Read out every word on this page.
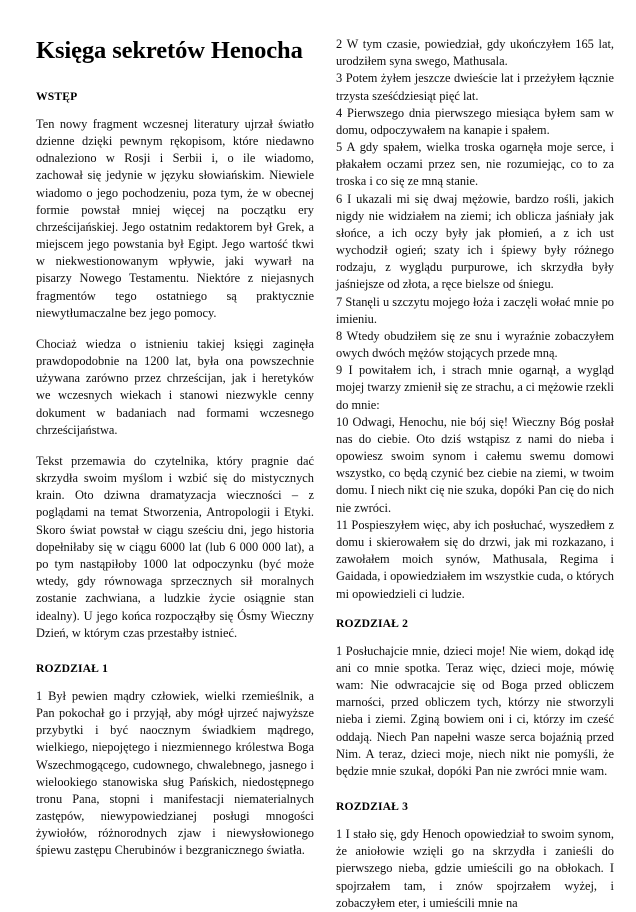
Księga sekretów Henocha
WSTĘP

Ten nowy fragment wczesnej literatury ujrzał światło dzienne dzięki pewnym rękopisom, które niedawno odnaleziono w Rosji i Serbii i, o ile wiadomo, zachował się jedynie w języku słowiańskim. Niewiele wiadomo o jego pochodzeniu, poza tym, że w obecnej formie powstał mniej więcej na początku ery chrześcijańskiej. Jego ostatnim redaktorem był Grek, a miejscem jego powstania był Egipt. Jego wartość tkwi w niekwestionowanym wpływie, jaki wywarł na pisarzy Nowego Testamentu. Niektóre z niejasnych fragmentów tego ostatniego są praktycznie niewytłumaczalne bez jego pomocy.

Chociaż wiedza o istnieniu takiej księgi zaginęła prawdopodobnie na 1200 lat, była ona powszechnie używana zarówno przez chrześcijan, jak i heretyków we wczesnych wiekach i stanowi niezwykle cenny dokument w badaniach nad formami wczesnego chrześcijaństwa.

Tekst przemawia do czytelnika, który pragnie dać skrzydła swoim myślom i wzbić się do mistycznych krain. Oto dziwna dramatyzacja wieczności – z poglądami na temat Stworzenia, Antropologii i Etyki. Skoro świat powstał w ciągu sześciu dni, jego historia dopełniłaby się w ciągu 6000 lat (lub 6 000 000 lat), a po tym nastąpiłoby 1000 lat odpoczynku (być może wtedy, gdy równowaga sprzecznych sił moralnych zostanie zachwiana, a ludzkie życie osiągnie stan idealny). U jego końca rozpocząłby się Ósmy Wieczny Dzień, w którym czas przestałby istnieć.

ROZDZIAŁ 1

1 Był pewien mądry człowiek, wielki rzemieślnik, a Pan pokochał go i przyjął, aby mógł ujrzeć najwyższe przybytki i być naocznym świadkiem mądrego, wielkiego, niepojętego i niezmiennego królestwa Boga Wszechmogącego, cudownego, chwalebnego, jasnego i wielookiego stanowiska sług Pańskich, niedostępnego tronu Pana, stopni i manifestacji niematerialnych zastępów, niewypowiedzianej posługi mnogości żywiołów, różnorodnych zjaw i niewysłowionego śpiewu zastępu Cherubinów i bezgranicznego światła.

2 W tym czasie, powiedział, gdy ukończyłem 165 lat, urodziłem syna swego, Mathusala.

3 Potem żyłem jeszcze dwieście lat i przeżyłem łącznie trzysta sześćdziesiąt pięć lat.

4 Pierwszego dnia pierwszego miesiąca byłem sam w domu, odpoczywałem na kanapie i spałem.

5 A gdy spałem, wielka troska ogarnęła moje serce, i płakałem oczami przez sen, nie rozumiejąc, co to za troska i co się ze mną stanie.

6 I ukazali mi się dwaj mężowie, bardzo rośli, jakich nigdy nie widziałem na ziemi; ich oblicza jaśniały jak słońce, a ich oczy były jak płomień, a z ich ust wychodził ogień; szaty ich i śpiewy były różnego rodzaju, z wyglądu purpurowe, ich skrzydła były jaśniejsze od złota, a ręce bielsze od śniegu.

7 Stanęli u szczytu mojego łoża i zaczęli wołać mnie po imieniu.

8 Wtedy obudziłem się ze snu i wyraźnie zobaczyłem owych dwóch mężów stojących przede mną.

9 I powitałem ich, i strach mnie ogarnął, a wygląd mojej twarzy zmienił się ze strachu, a ci mężowie rzekli do mnie:

10 Odwagi, Henochu, nie bój się! Wieczny Bóg posłał nas do ciebie. Oto dziś wstąpisz z nami do nieba i opowiesz swoim synom i całemu swemu domowi wszystko, co będą czynić bez ciebie na ziemi, w twoim domu. I niech nikt cię nie szuka, dopóki Pan cię do nich nie zwróci.

11 Pospieszyłem więc, aby ich posłuchać, wyszedłem z domu i skierowałem się do drzwi, jak mi rozkazano, i zawołałem moich synów, Mathusala, Regima i Gaidada, i opowiedziałem im wszystkie cuda, o których mi opowiedzieli ci ludzie.

ROZDZIAŁ 2

1 Posłuchajcie mnie, dzieci moje! Nie wiem, dokąd idę ani co mnie spotka. Teraz więc, dzieci moje, mówię wam: Nie odwracajcie się od Boga przed obliczem marności, przed obliczem tych, którzy nie stworzyli nieba i ziemi. Zginą bowiem oni i ci, którzy im cześć oddają. Niech Pan napełni wasze serca bojaźnią przed Nim. A teraz, dzieci moje, niech nikt nie pomyśli, że będzie mnie szukał, dopóki Pan nie zwróci mnie wam.

ROZDZIAŁ 3

1 I stało się, gdy Henoch opowiedział to swoim synom, że aniołowie wzięli go na skrzydła i zanieśli do pierwszego nieba, gdzie umieścili go na obłokach. I spojrzałem tam, i znów spojrzałem wyżej, i zobaczyłem eter, i umieścili mnie na
